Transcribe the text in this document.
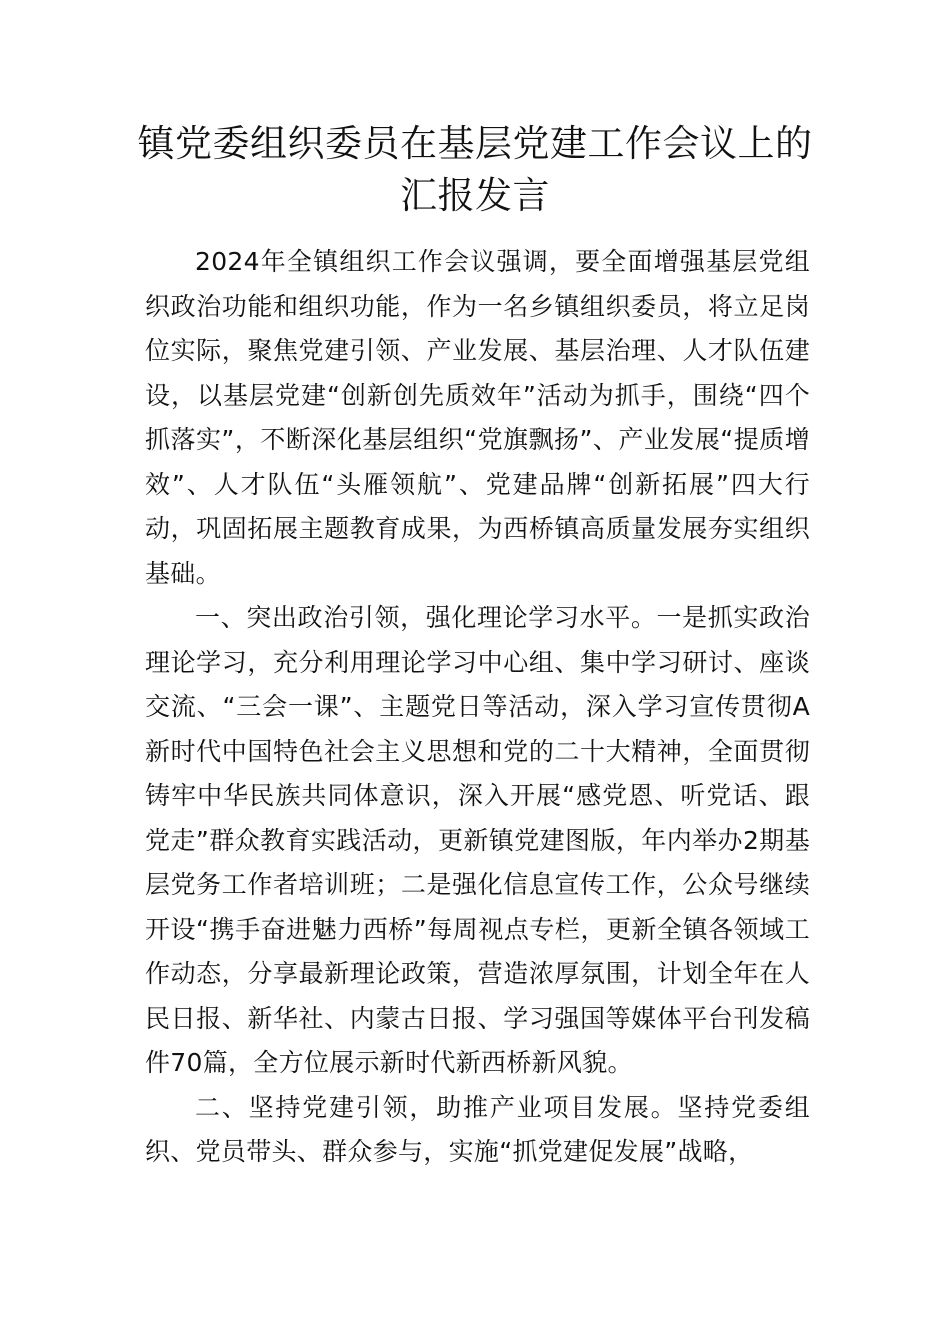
镇党委组织委员在基层党建工作会议上的
汇报发言

2024年全镇组织工作会议强调，要全面增强基层党组织政治功能和组织功能，作为一名乡镇组织委员，将立足岗位实际，聚焦党建引领、产业发展、基层治理、人才队伍建设，以基层党建“创新创先质效年”活动为抓手，围绕“四个抓落实”，不断深化基层组织“党旗飘扬”、产业发展“提质增效”、人才队伍“头雁领航”、党建品牌“创新拓展”四大行动，巩固拓展主题教育成果，为西桥镇高质量发展夯实组织基础。

一、突出政治引领，强化理论学习水平。一是抓实政治理论学习，充分利用理论学习中心组、集中学习研讨、座谈交流、“三会一课”、主题党日等活动，深入学习宣传贯彻A新时代中国特色社会主义思想和党的二十大精神，全面贯彻铸牢中华民族共同体意识，深入开展“感党恩、听党话、跟党走”群众教育实践活动，更新镇党建图版，年内举办2期基层党务工作者培训班；二是强化信息宣传工作，公众号继续开设“携手奋进魅力西桥”每周视点专栏，更新全镇各领域工作动态，分享最新理论政策，营造浓厚氛围，计划全年在人民日报、新华社、内蒙古日报、学习强国等媒体平台刊发稿件70篇，全方位展示新时代新西桥新风貌。

二、坚持党建引领，助推产业项目发展。坚持党委组织、党员带头、群众参与，实施“抓党建促发展”战略，
